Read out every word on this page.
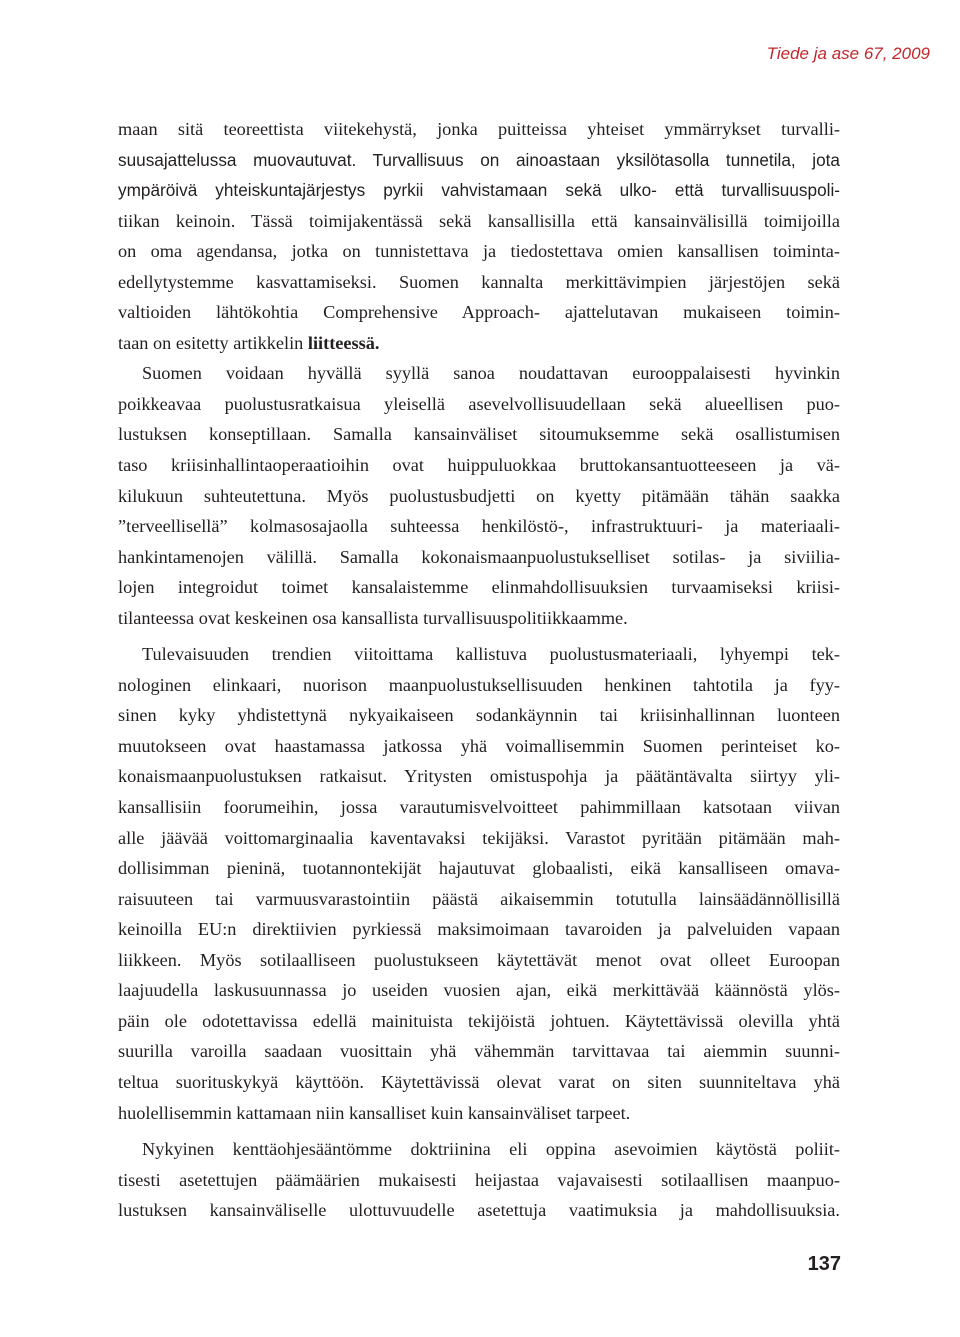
Tiede ja ase 67, 2009
maan sitä teoreettista viitekehystä, jonka puitteissa yhteiset ymmärrykset turvalli-
suusajattelussa muovautuvat. Turvallisuus on ainoastaan yksilötasolla tunnetila, jota
ympäröivä yhteiskuntajärjestys pyrkii vahvistamaan sekä ulko- että turvallisuuspoli-
tiikan keinoin. Tässä toimijakentässä sekä kansallisilla että kansainvälisillä toimijoilla
on oma agendansa, jotka on tunnistettava ja tiedostettava omien kansallisen toiminta-
edellytystemme kasvattamiseksi. Suomen kannalta merkittävimpien järjestöjen sekä
valtioiden lähtökohtia Comprehensive Approach- ajattelutavan mukaiseen toimin-
taan on esitetty artikkelin liitteessä.
Suomen voidaan hyvällä syyllä sanoa noudattavan eurooppalaisesti hyvinkin
poikkeavaa puolustusratkaisua yleisellä asevelvollisuudellaan sekä alueellisen puo-
lustuksen konseptillaan. Samalla kansainväliset sitoumuksemme sekä osallistumisen
taso kriisinhallintaoperaatioihin ovat huippuluokkaa bruttokansantuotteeseen ja vä-
kilukuun suhteutettuna. Myös puolustusbudjetti on kyetty pitämään tähän saakka
”terveellisellä” kolmasosajaolla suhteessa henkilöstö-, infrastruktuuri- ja materiaali-
hankintamenojen välillä. Samalla kokonaismaanpuolustukselliset sotilas- ja siviilia-
lojen integroidut toimet kansalaistemme elinmahdollisuuksien turvaamiseksi kriisi-
tilanteessa ovat keskeinen osa kansallista turvallisuuspolitiikkaamme.
Tulevaisuuden trendien viitoittama kallistuva puolustusmateriaali, lyhyempi tek-
nologinen elinkaari, nuorison maanpuolustuksellisuuden henkinen tahtotila ja fyy-
sinen kyky yhdistettynä nykyaikaiseen sodankäynnin tai kriisinhallinnan luonteen
muutokseen ovat haastamassa jatkossa yhä voimallisemmin Suomen perinteiset ko-
konaismaanpuolustuksen ratkaisut. Yritysten omistuspohja ja päätäntävalta siirtyy yli-
kansallisiin foorumeihin, jossa varautumisvelvoitteet pahimmillaan katsotaan viivan
alle jäävää voittomarginaalia kaventavaksi tekijäksi. Varastot pyritään pitämään mah-
dollisimman pieninä, tuotannontekijät hajautuvat globaalisti, eikä kansalliseen omava-
raisuuteen tai varmuusvarastointiin päästä aikaisemmin totutulla lainsäädännöllisillä
keinoilla EU:n direktiivien pyrkiessä maksimoimaan tavaroiden ja palveluiden vapaan
liikkeen. Myös sotilaalliseen puolustukseen käytettävät menot ovat olleet Euroopan
laajuudella laskusuunnassa jo useiden vuosien ajan, eikä merkittävää käännöstä ylös-
päin ole odotettavissa edellä mainituista tekijöistä johtuen. Käytettävissä olevilla yhtä
suurilla varoilla saadaan vuosittain yhä vähemmän tarvittavaa tai aiemmin suunni-
teltua suorituskykyä käyttöön. Käytettävissä olevat varat on siten suunniteltava yhä
huolellisemmin kattamaan niin kansalliset kuin kansainväliset tarpeet.
Nykyinen kenttäohjesääntömme doktriinina eli oppina asevoimien käytöstä poliit-
tisesti asetettujen päämäärien mukaisesti heijastaa vajavaisesti sotilaallisen maanpuo-
lustuksen kansainväliselle ulottuvuudelle asetettuja vaatimuksia ja mahdollisuuksia.
137
